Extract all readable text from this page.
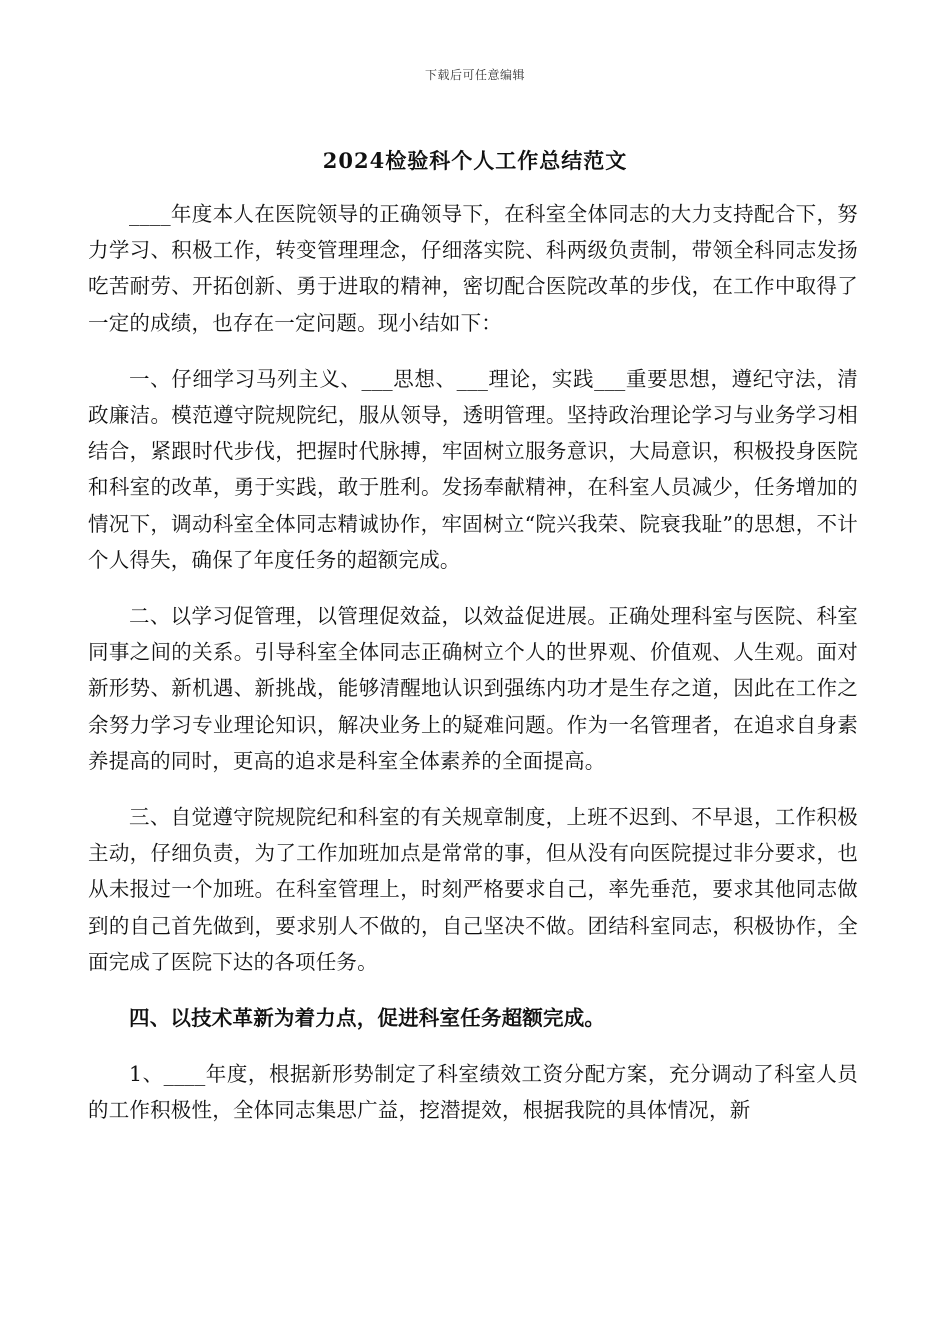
下载后可任意编辑
2024检验科个人工作总结范文

____年度本人在医院领导的正确领导下，在科室全体同志的大力支持配合下，努力学习、积极工作，转变管理理念，仔细落实院、科两级负责制，带领全科同志发扬吃苦耐劳、开拓创新、勇于进取的精神，密切配合医院改革的步伐，在工作中取得了一定的成绩，也存在一定问题。现小结如下：

一、仔细学习马列主义、___思想、___理论，实践___重要思想，遵纪守法，清政廉洁。模范遵守院规院纪，服从领导，透明管理。坚持政治理论学习与业务学习相结合，紧跟时代步伐，把握时代脉搏，牢固树立服务意识，大局意识，积极投身医院和科室的改革，勇于实践，敢于胜利。发扬奉献精神，在科室人员减少，任务增加的情况下，调动科室全体同志精诚协作，牢固树立“院兴我荣、院衰我耻”的思想，不计个人得失，确保了年度任务的超额完成。

二、以学习促管理，以管理促效益，以效益促进展。正确处理科室与医院、科室同事之间的关系。引导科室全体同志正确树立个人的世界观、价值观、人生观。面对新形势、新机遇、新挑战，能够清醒地认识到强练内功才是生存之道，因此在工作之余努力学习专业理论知识，解决业务上的疑难问题。作为一名管理者，在追求自身素养提高的同时，更高的追求是科室全体素养的全面提高。

三、自觉遵守院规院纪和科室的有关规章制度，上班不迟到、不早退，工作积极主动，仔细负责，为了工作加班加点是常常的事，但从没有向医院提过非分要求，也从未报过一个加班。在科室管理上，时刻严格要求自己，率先垂范，要求其他同志做到的自己首先做到，要求别人不做的，自己坚决不做。团结科室同志，积极协作，全面完成了医院下达的各项任务。

四、以技术革新为着力点，促进科室任务超额完成。

1、____年度，根据新形势制定了科室绩效工资分配方案，充分调动了科室人员的工作积极性，全体同志集思广益，挖潜提效，根据我院的具体情况，新
